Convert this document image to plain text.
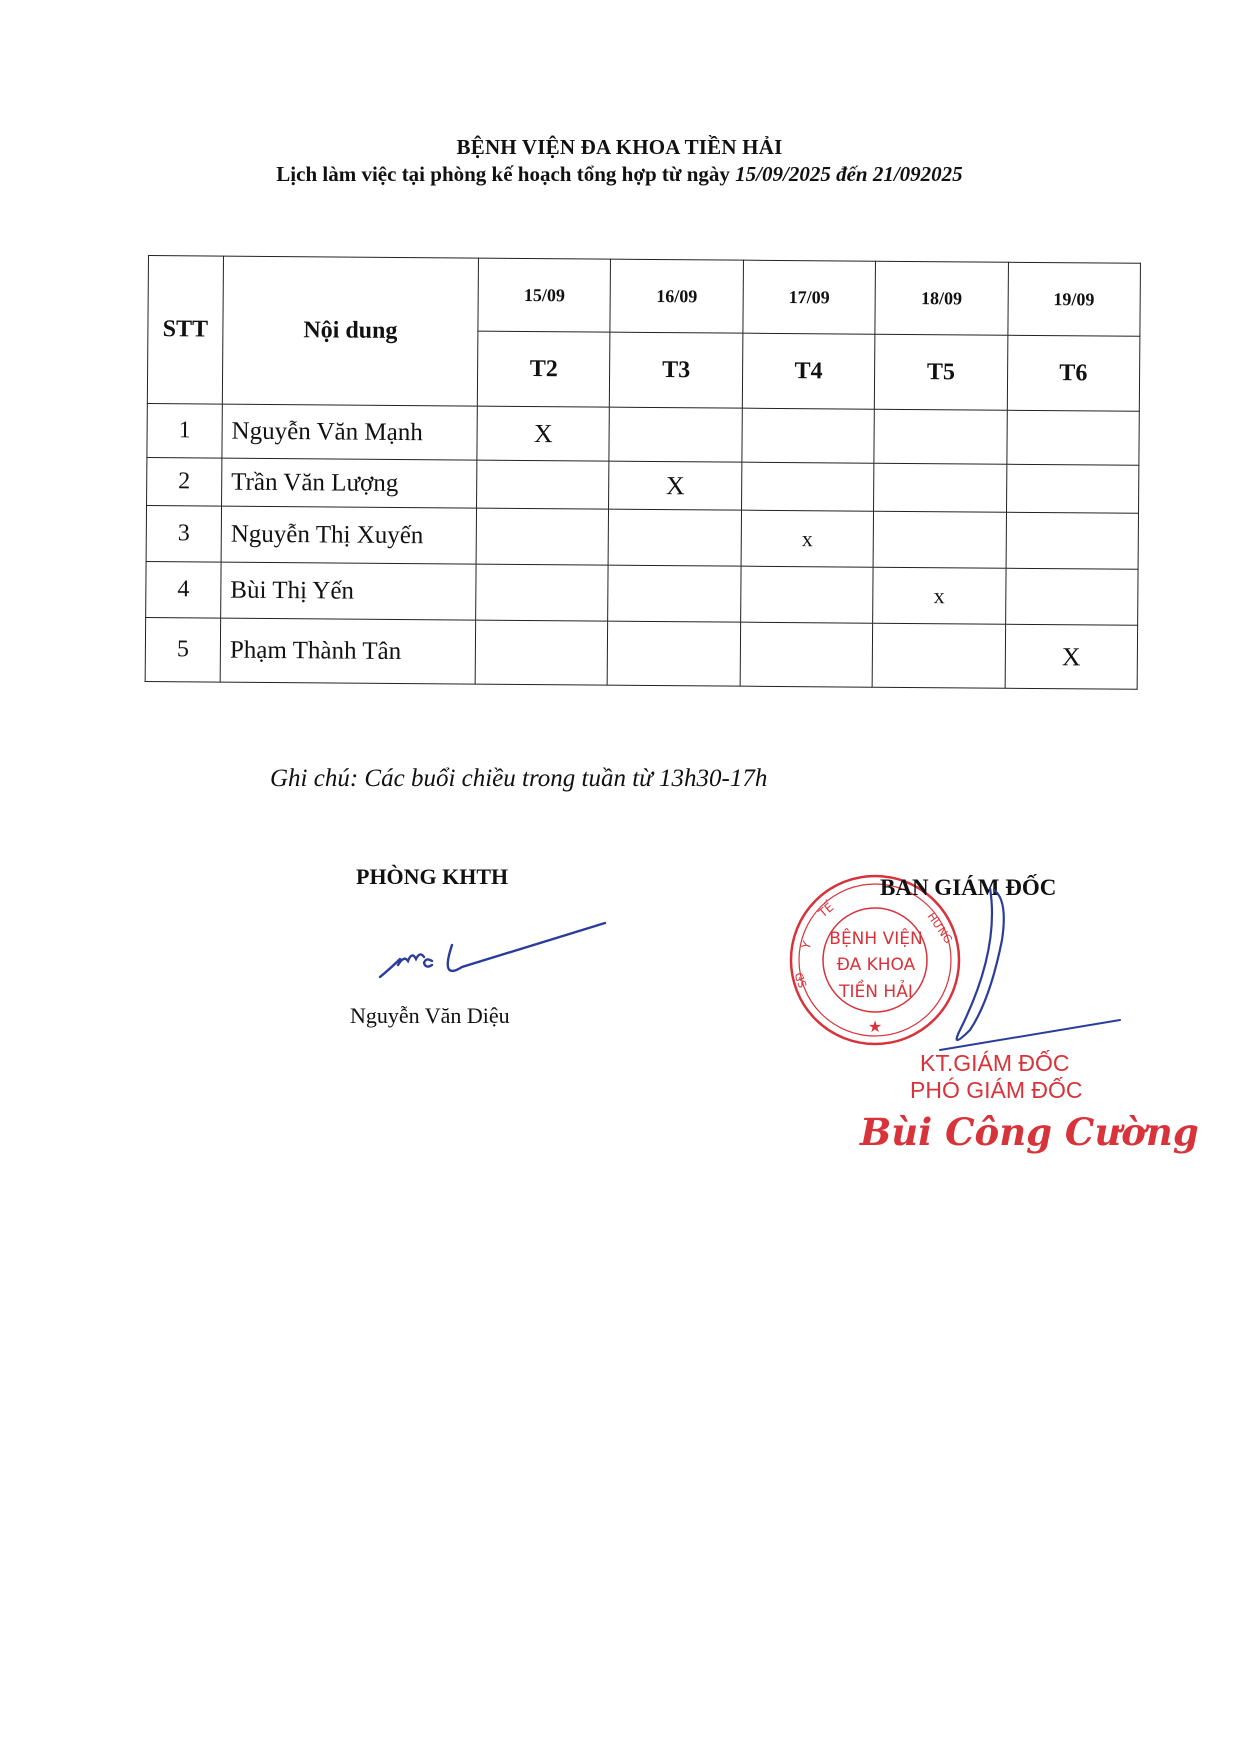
BỆNH VIỆN ĐA KHOA TIỀN HẢI
Lịch làm việc tại phòng kế hoạch tổng hợp từ ngày 15/09/2025 đến 21/092025
STT	Nội dung	15/09	16/09	17/09	18/09	19/09
		T2	T3	T4	T5	T6
1	Nguyễn Văn Mạnh	X				
2	Trần Văn Lượng		X			
3	Nguyễn Thị Xuyến			x		
4	Bùi Thị Yến				x	
5	Phạm Thành Tân					X
Ghi chú: Các buổi chiều trong tuần từ 13h30-17h
PHÒNG KHTH
Nguyễn Văn Diệu
Y
TẾ
HƯNG
SĐ
★
BỆNH VIỆN
ĐA KHOA
TIỀN HẢI
BAN GIÁM ĐỐC
KT.GIÁM ĐỐC
PHÓ GIÁM ĐỐC
Bùi Công Cường
